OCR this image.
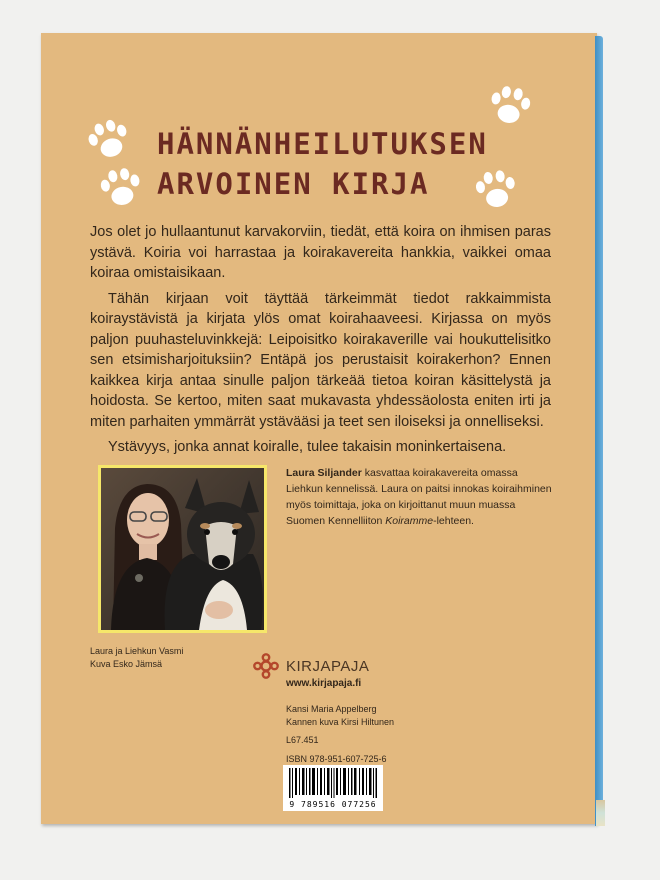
HÄNNÄNHEILUTUKSEN
ARVOINEN KIRJA

Jos olet jo hullaantunut karvakorviin, tiedät, että koira on ihmisen paras ystävä. Koiria voi harrastaa ja koirakavereita hankkia, vaikkei omaa koiraa omistaisikaan.

Tähän kirjaan voit täyttää tärkeimmät tiedot rakkaimmista koiraystävistä ja kirjata ylös omat koirahaaveesi. Kirjassa on myös paljon puuhasteluvinkkejä: Leipoisitko koirakaverille vai houkuttelisitko sen etsimisharjoituksiin? Entäpä jos perustaisit koirakerhon? Ennen kaikkea kirja antaa sinulle paljon tärkeää tietoa koiran käsittelystä ja hoidosta. Se kertoo, miten saat mukavasta yhdessäolosta eniten irti ja miten parhaiten ymmärrät ystävääsi ja teet sen iloiseksi ja onnelliseksi.

Ystävyys, jonka annat koiralle, tulee takaisin moninkertaisena.

Laura ja Liehkun Vasmi
Kuva Esko Jämsä
Laura Siljander kasvattaa koirakavereita omassa Liehkun kennelissä. Laura on paitsi innokas koiraihminen myös toimittaja, joka on kirjoittanut muun muassa Suomen Kennelliiton Koiramme-lehteen.
KIRJAPAJA
www.kirjapaja.fi
Kansi Maria Appelberg
Kannen kuva Kirsi Hiltunen
L67.451
ISBN 978-951-607-725-6
9 789516 077256
